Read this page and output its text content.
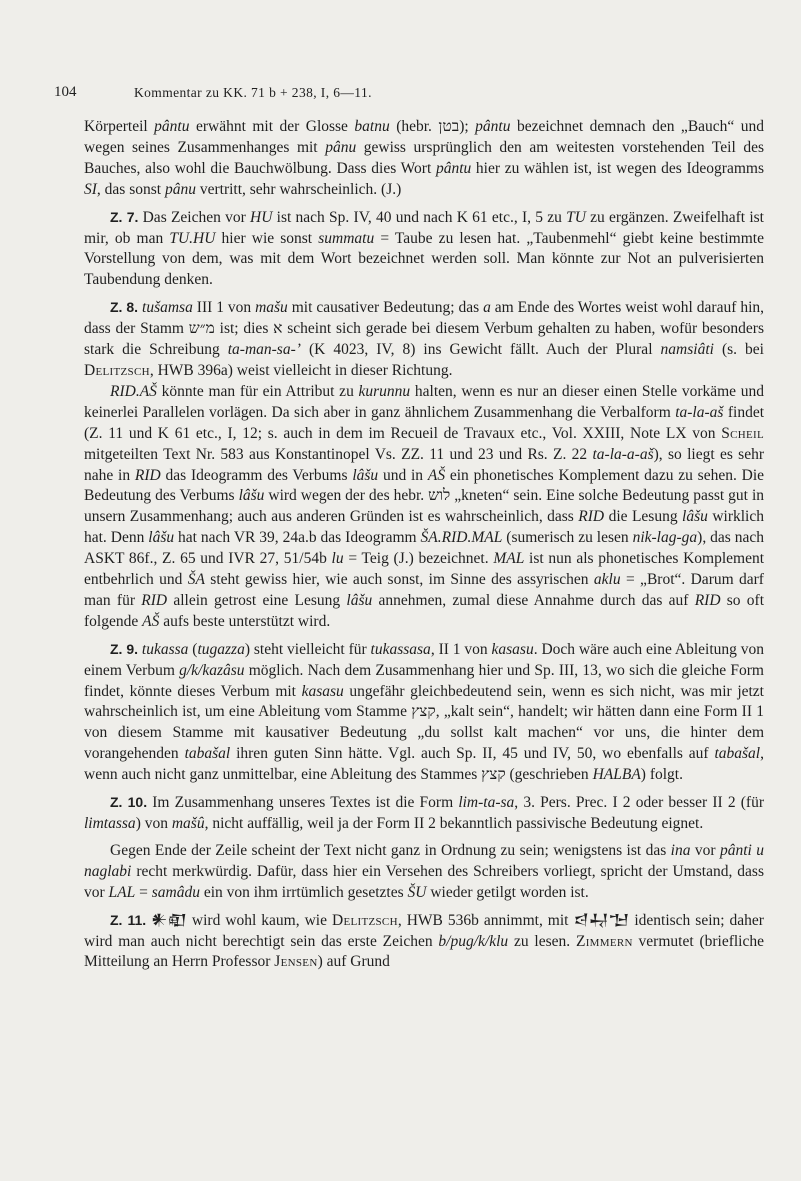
104	Kommentar zu KK. 71 b + 238, I, 6—11.

Körperteil pântu erwähnt mit der Glosse batnu (hebr. בטן); pântu bezeichnet demnach den „Bauch“ und wegen seines Zusammenhanges mit pânu gewiss ursprünglich den am weitesten vorstehenden Teil des Bauches, also wohl die Bauchwölbung. Dass dies Wort pântu hier zu wählen ist, ist wegen des Ideogramms SI, das sonst pânu vertritt, sehr wahrscheinlich. (J.)

Z. 7. Das Zeichen vor HU ist nach Sp. IV, 40 und nach K 61 etc., I, 5 zu TU zu ergänzen. Zweifelhaft ist mir, ob man TU.HU hier wie sonst summatu = Taube zu lesen hat. „Taubenmehl“ giebt keine bestimmte Vorstellung von dem, was mit dem Wort bezeichnet werden soll. Man könnte zur Not an pulverisierten Taubendung denken.

Z. 8. tušamsa III 1 von mašu mit causativer Bedeutung; das a am Ende des Wortes weist wohl darauf hin, dass der Stamm מ״ש ist; dies א scheint sich gerade bei diesem Verbum gehalten zu haben, wofür besonders stark die Schreibung ta-man-sa-’ (K 4023, IV, 8) ins Gewicht fällt. Auch der Plural namsiâti (s. bei Delitzsch, HWB 396a) weist vielleicht in dieser Richtung.

RID.AŠ könnte man für ein Attribut zu kurunnu halten, wenn es nur an dieser einen Stelle vorkäme und keinerlei Parallelen vorlägen. Da sich aber in ganz ähnlichem Zusammenhang die Verbalform ta-la-aš findet (Z. 11 und K 61 etc., I, 12; s. auch in dem im Recueil de Travaux etc., Vol. XXIII, Note LX von Scheil mitgeteilten Text Nr. 583 aus Konstantinopel Vs. ZZ. 11 und 23 und Rs. Z. 22 ta-la-a-aš), so liegt es sehr nahe in RID das Ideogramm des Verbums lâšu und in AŠ ein phonetisches Komplement dazu zu sehen. Die Bedeutung des Verbums lâšu wird wegen der des hebr. לוש „kneten“ sein. Eine solche Bedeutung passt gut in unsern Zusammenhang; auch aus anderen Gründen ist es wahrscheinlich, dass RID die Lesung lâšu wirklich hat. Denn lâšu hat nach VR 39, 24a.b das Ideogramm ŠA.RID.MAL (sumerisch zu lesen nik-lag-ga), das nach ASKT 86f., Z. 65 und IVR 27, 51/54b lu = Teig (J.) bezeichnet. MAL ist nun als phonetisches Komplement entbehrlich und ŠA steht gewiss hier, wie auch sonst, im Sinne des assyrischen aklu = „Brot“. Darum darf man für RID allein getrost eine Lesung lâšu annehmen, zumal diese Annahme durch das auf RID so oft folgende AŠ aufs beste unterstützt wird.

Z. 9. tukassa (tugazza) steht vielleicht für tukassasa, II 1 von kasasu. Doch wäre auch eine Ableitung von einem Verbum g/k/kazâsu möglich. Nach dem Zusammenhang hier und Sp. III, 13, wo sich die gleiche Form findet, könnte dieses Verbum mit kasasu ungefähr gleichbedeutend sein, wenn es sich nicht, was mir jetzt wahrscheinlich ist, um eine Ableitung vom Stamme קצץ, „kalt sein“, handelt; wir hätten dann eine Form II 1 von diesem Stamme mit kausativer Bedeutung „du sollst kalt machen“ vor uns, die hinter dem vorangehenden tabašal ihren guten Sinn hätte. Vgl. auch Sp. II, 45 und IV, 50, wo ebenfalls auf tabašal, wenn auch nicht ganz unmittelbar, eine Ableitung des Stammes קצץ (geschrieben HALBA) folgt.

Z. 10. Im Zusammenhang unseres Textes ist die Form lim-ta-sa, 3. Pers. Prec. I 2 oder besser II 2 (für limtassa) von mašû, nicht auffällig, weil ja der Form II 2 bekanntlich passivische Bedeutung eignet.

Gegen Ende der Zeile scheint der Text nicht ganz in Ordnung zu sein; wenigstens ist das ina vor pânti u naglabi recht merkwürdig. Dafür, dass hier ein Versehen des Schreibers vorliegt, spricht der Umstand, dass vor LAL = samâdu ein von ihm irrtümlich gesetztes ŠU wieder getilgt worden ist.

Z. 11. 𒀭𒊏 wird wohl kaum, wie Delitzsch, HWB 536b annimmt, mit 𒁀𒄷𒈠 identisch sein; daher wird man auch nicht berechtigt sein das erste Zeichen b/pug/k/klu zu lesen. Zimmern vermutet (briefliche Mitteilung an Herrn Professor Jensen) auf Grund
